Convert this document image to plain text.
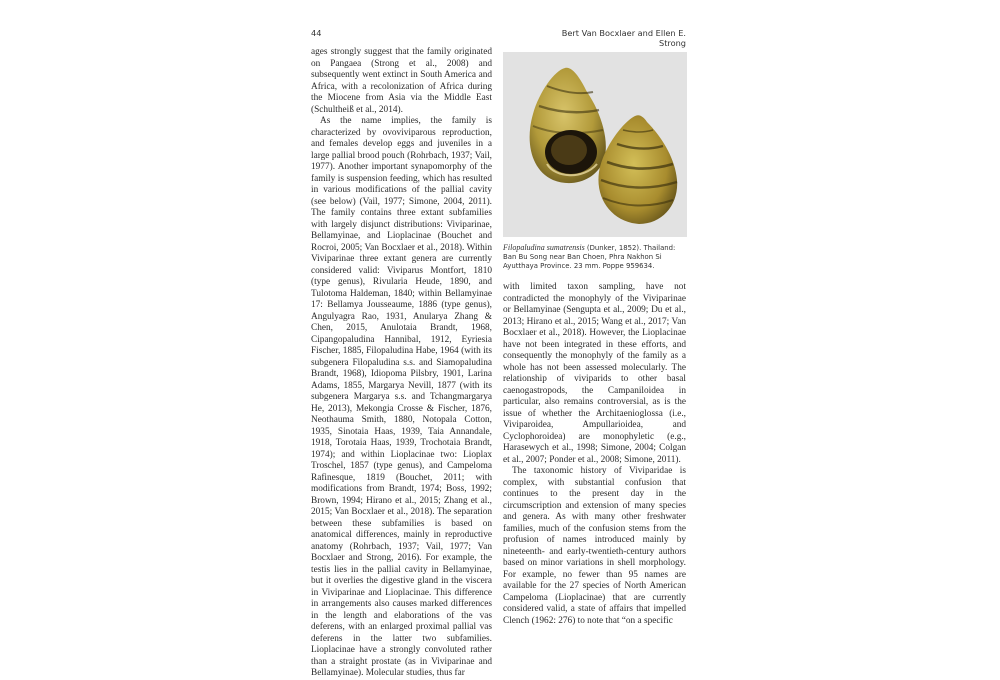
44	Bert Van Bocxlaer and Ellen E. Strong

ages strongly suggest that the family originated on Pangaea (Strong et al., 2008) and subsequently went extinct in South America and Africa, with a recolonization of Africa during the Miocene from Asia via the Middle East (Schultheiß et al., 2014).

As the name implies, the family is characterized by ovoviviparous reproduction, and females develop eggs and juveniles in a large pallial brood pouch (Rohrbach, 1937; Vail, 1977). Another important synapomorphy of the family is suspension feeding, which has resulted in various modifications of the pallial cavity (see below) (Vail, 1977; Simone, 2004, 2011). The family contains three extant subfamilies with largely disjunct distributions: Viviparinae, Bellamyinae, and Lioplacinae (Bouchet and Rocroi, 2005; Van Bocxlaer et al., 2018). Within Viviparinae three extant genera are currently considered valid: Viviparus Montfort, 1810 (type genus), Rivularia Heude, 1890, and Tulotoma Haldeman, 1840; within Bellamyinae 17: Bellamya Jousseaume, 1886 (type genus), Angulyagra Rao, 1931, Anularya Zhang & Chen, 2015, Anulotaia Brandt, 1968, Cipangopaludina Hannibal, 1912, Eyriesia Fischer, 1885, Filopaludina Habe, 1964 (with its subgenera Filopaludina s.s. and Siamopaludina Brandt, 1968), Idiopoma Pilsbry, 1901, Larina Adams, 1855, Margarya Nevill, 1877 (with its subgenera Margarya s.s. and Tchangmargarya He, 2013), Mekongia Crosse & Fischer, 1876, Neothauma Smith, 1880, Notopala Cotton, 1935, Sinotaia Haas, 1939, Taia Annandale, 1918, Torotaia Haas, 1939, Trochotaia Brandt, 1974); and within Lioplacinae two: Lioplax Troschel, 1857 (type genus), and Campeloma Rafinesque, 1819 (Bouchet, 2011; with modifications from Brandt, 1974; Boss, 1992; Brown, 1994; Hirano et al., 2015; Zhang et al., 2015; Van Bocxlaer et al., 2018). The separation between these subfamilies is based on anatomical differences, mainly in reproductive anatomy (Rohrbach, 1937; Vail, 1977; Van Bocxlaer and Strong, 2016). For example, the testis lies in the pallial cavity in Bellamyinae, but it overlies the digestive gland in the viscera in Viviparinae and Lioplacinae. This difference in arrangements also causes marked differences in the length and elaborations of the vas deferens, with an enlarged proximal pallial vas deferens in the latter two subfamilies. Lioplacinae have a strongly convoluted rather than a straight prostate (as in Viviparinae and Bellamyinae). Molecular studies, thus far

Filopaludina sumatrensis (Dunker, 1852). Thailand: Ban Bu Song near Ban Choen, Phra Nakhon Si Ayutthaya Province. 23 mm. Poppe 959634.

with limited taxon sampling, have not contradicted the monophyly of the Viviparinae or Bellamyinae (Sengupta et al., 2009; Du et al., 2013; Hirano et al., 2015; Wang et al., 2017; Van Bocxlaer et al., 2018). However, the Lioplacinae have not been integrated in these efforts, and consequently the monophyly of the family as a whole has not been assessed molecularly. The relationship of viviparids to other basal caenogastropods, the Campaniloidea in particular, also remains controversial, as is the issue of whether the Architaenioglossa (i.e., Viviparoidea, Ampullarioidea, and Cyclophoroidea) are monophyletic (e.g., Harasewych et al., 1998; Simone, 2004; Colgan et al., 2007; Ponder et al., 2008; Simone, 2011).

The taxonomic history of Viviparidae is complex, with substantial confusion that continues to the present day in the circumscription and extension of many species and genera. As with many other freshwater families, much of the confusion stems from the profusion of names introduced mainly by nineteenth- and early-twentieth-century authors based on minor variations in shell morphology. For example, no fewer than 95 names are available for the 27 species of North American Campeloma (Lioplacinae) that are currently considered valid, a state of affairs that impelled Clench (1962: 276) to note that “on a specific
